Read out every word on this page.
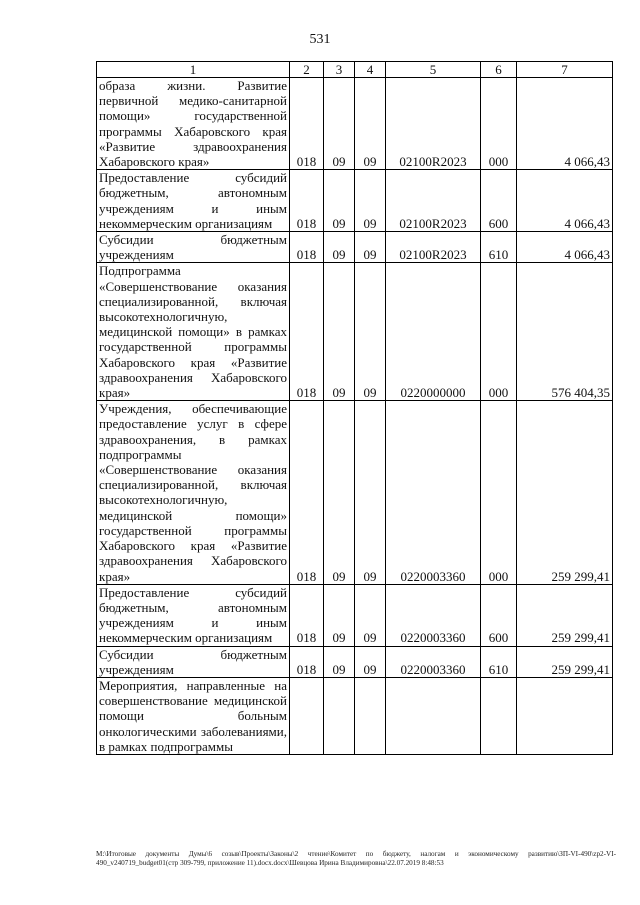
531
1	2	3	4	5	6	7
образа жизни. Развитие первичной медико-санитарной помощи» государственной программы Хабаровского края «Развитие здравоохранения Хабаровского края»	018	09	09	02100R2023	000	4 066,43
Предоставление субсидий бюджетным, автономным учреждениям и иным некоммерческим организациям	018	09	09	02100R2023	600	4 066,43
Субсидии бюджетным учреждениям	018	09	09	02100R2023	610	4 066,43
Подпрограмма «Совершенствование оказания специализированной, включая высокотехнологичную, медицинской помощи» в рамках государственной программы Хабаровского края «Развитие здравоохранения Хабаровского края»	018	09	09	0220000000	000	576 404,35
Учреждения, обеспечивающие предоставление услуг в сфере здравоохранения, в рамках подпрограммы «Совершенствование оказания специализированной, включая высокотехнологичную, медицинской помощи» государственной программы Хабаровского края «Развитие здравоохранения Хабаровского края»	018	09	09	0220003360	000	259 299,41
Предоставление субсидий бюджетным, автономным учреждениям и иным некоммерческим организациям	018	09	09	0220003360	600	259 299,41
Субсидии бюджетным учреждениям	018	09	09	0220003360	610	259 299,41
Мероприятия, направленные на совершенствование медицинской помощи больным онкологическими заболеваниями, в рамках подпрограммы						
М:\Итоговые документы Думы\6 созыв\Проекты\Законы\2 чтение\Комитет по бюджету, налогам и экономическому развитию\ЗП-VI-490\zp2-VI-490_v240719_budget01(стр 309-799, приложение 11).docx.docx\Шевцова Ирина Владимировна\22.07.2019 8:48:53
